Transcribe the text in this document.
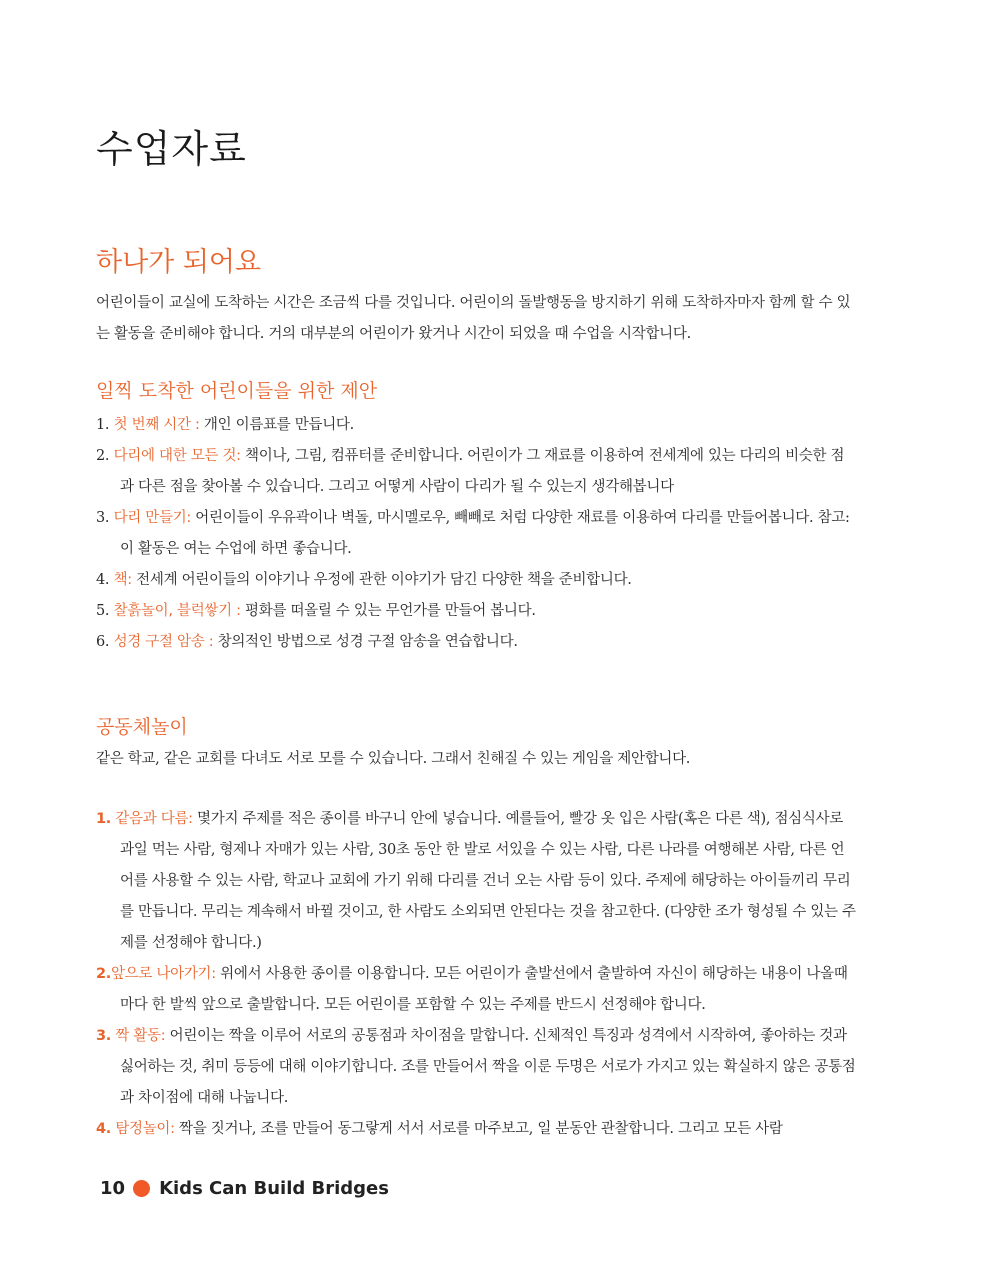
수업자료
하나가 되어요

어린이들이 교실에 도착하는 시간은 조금씩 다를 것입니다. 어린이의 돌발행동을 방지하기 위해 도착하자마자 함께 할 수 있는 활동을 준비해야 합니다. 거의 대부분의 어린이가 왔거나 시간이 되었을 때 수업을 시작합니다.

일찍 도착한 어린이들을 위한 제안
1. 첫 번째 시간 : 개인 이름표를 만듭니다.
2. 다리에 대한 모든 것: 책이나, 그림, 컴퓨터를 준비합니다. 어린이가 그 재료를 이용하여 전세계에 있는 다리의 비슷한 점과 다른 점을 찾아볼 수 있습니다. 그리고 어떻게 사람이 다리가 될 수 있는지 생각해봅니다
3. 다리 만들기: 어린이들이 우유곽이나 벽돌, 마시멜로우, 빼빼로 처럼 다양한 재료를 이용하여 다리를 만들어봅니다. 참고: 이 활동은 여는 수업에 하면 좋습니다.
4. 책: 전세계 어린이들의 이야기나 우정에 관한 이야기가 담긴 다양한 책을 준비합니다.
5. 찰흙놀이, 블럭쌓기 : 평화를 떠올릴 수 있는 무언가를 만들어 봅니다.
6. 성경 구절 암송 : 창의적인 방법으로 성경 구절 암송을 연습합니다.
공동체놀이

같은 학교, 같은 교회를 다녀도 서로 모를 수 있습니다. 그래서 친해질 수 있는 게임을 제안합니다.

1. 같음과 다름: 몇가지 주제를 적은 종이를 바구니 안에 넣습니다. 예를들어, 빨강 옷 입은 사람(혹은 다른 색), 점심식사로 과일 먹는 사람, 형제나 자매가 있는 사람, 30초 동안 한 발로 서있을 수 있는 사람, 다른 나라를 여행해본 사람, 다른 언어를 사용할 수 있는 사람, 학교나 교회에 가기 위해 다리를 건너 오는 사람 등이 있다. 주제에 해당하는 아이들끼리 무리를 만듭니다. 무리는 계속해서 바뀔 것이고, 한 사람도 소외되면 안된다는 것을 참고한다. (다양한 조가 형성될 수 있는 주제를 선정해야 합니다.)
2.앞으로 나아가기: 위에서 사용한 종이를 이용합니다. 모든 어린이가 출발선에서 출발하여 자신이 해당하는 내용이 나올때마다 한 발씩 앞으로 출발합니다. 모든 어린이를 포함할 수 있는 주제를 반드시 선정해야 합니다.
3. 짝 활동: 어린이는 짝을 이루어 서로의 공통점과 차이점을 말합니다. 신체적인 특징과 성격에서 시작하여, 좋아하는 것과 싫어하는 것, 취미 등등에 대해 이야기합니다. 조를 만들어서 짝을 이룬 두명은 서로가 가지고 있는 확실하지 않은 공통점과 차이점에 대해 나눕니다.
4. 탐정놀이: 짝을 짓거나, 조를 만들어 동그랗게 서서 서로를 마주보고, 일 분동안 관찰합니다. 그리고 모든 사람
10 Kids Can Build Bridges
